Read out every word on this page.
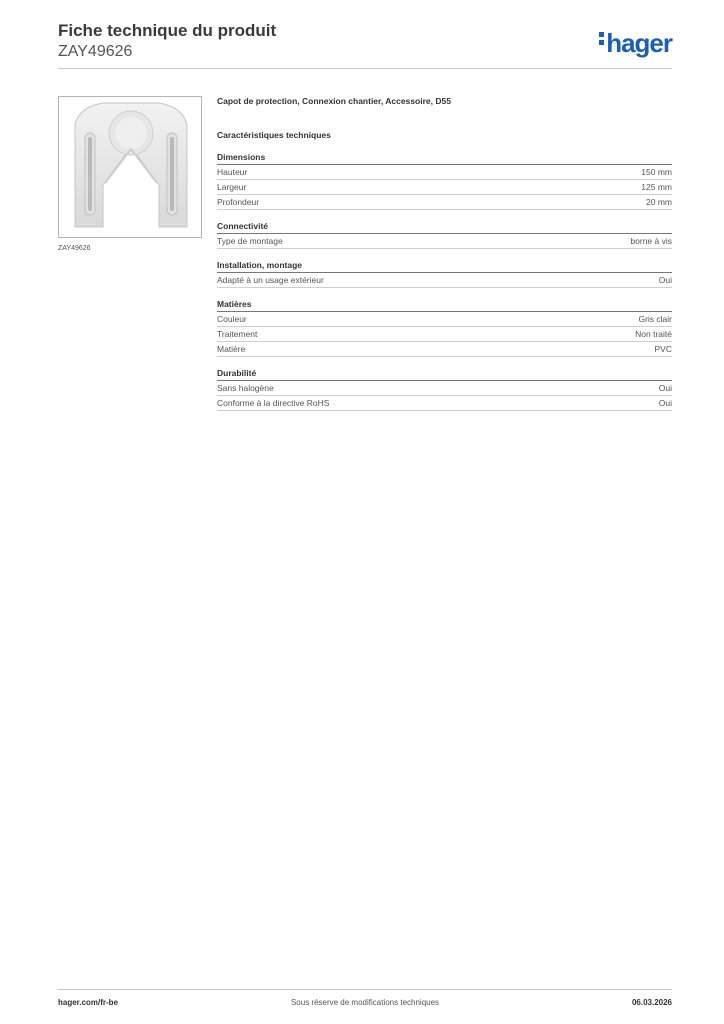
Fiche technique du produit
ZAY49626	hager
ZAY49626
Capot de protection, Connexion chantier, Accessoire, D55
Caractéristiques techniques
Dimensions
Hauteur	150 mm
Largeur	125 mm
Profondeur	20 mm
Connectivité
Type de montage	borne à vis
Installation, montage
Adapté à un usage extérieur	Oui
Matières
Couleur	Gris clair
Traitement	Non traité
Matière	PVC
Durabilité
Sans halogène	Oui
Conforme à la directive RoHS	Oui
hager.com/fr-be	Sous réserve de modifications techniques	06.03.2026
